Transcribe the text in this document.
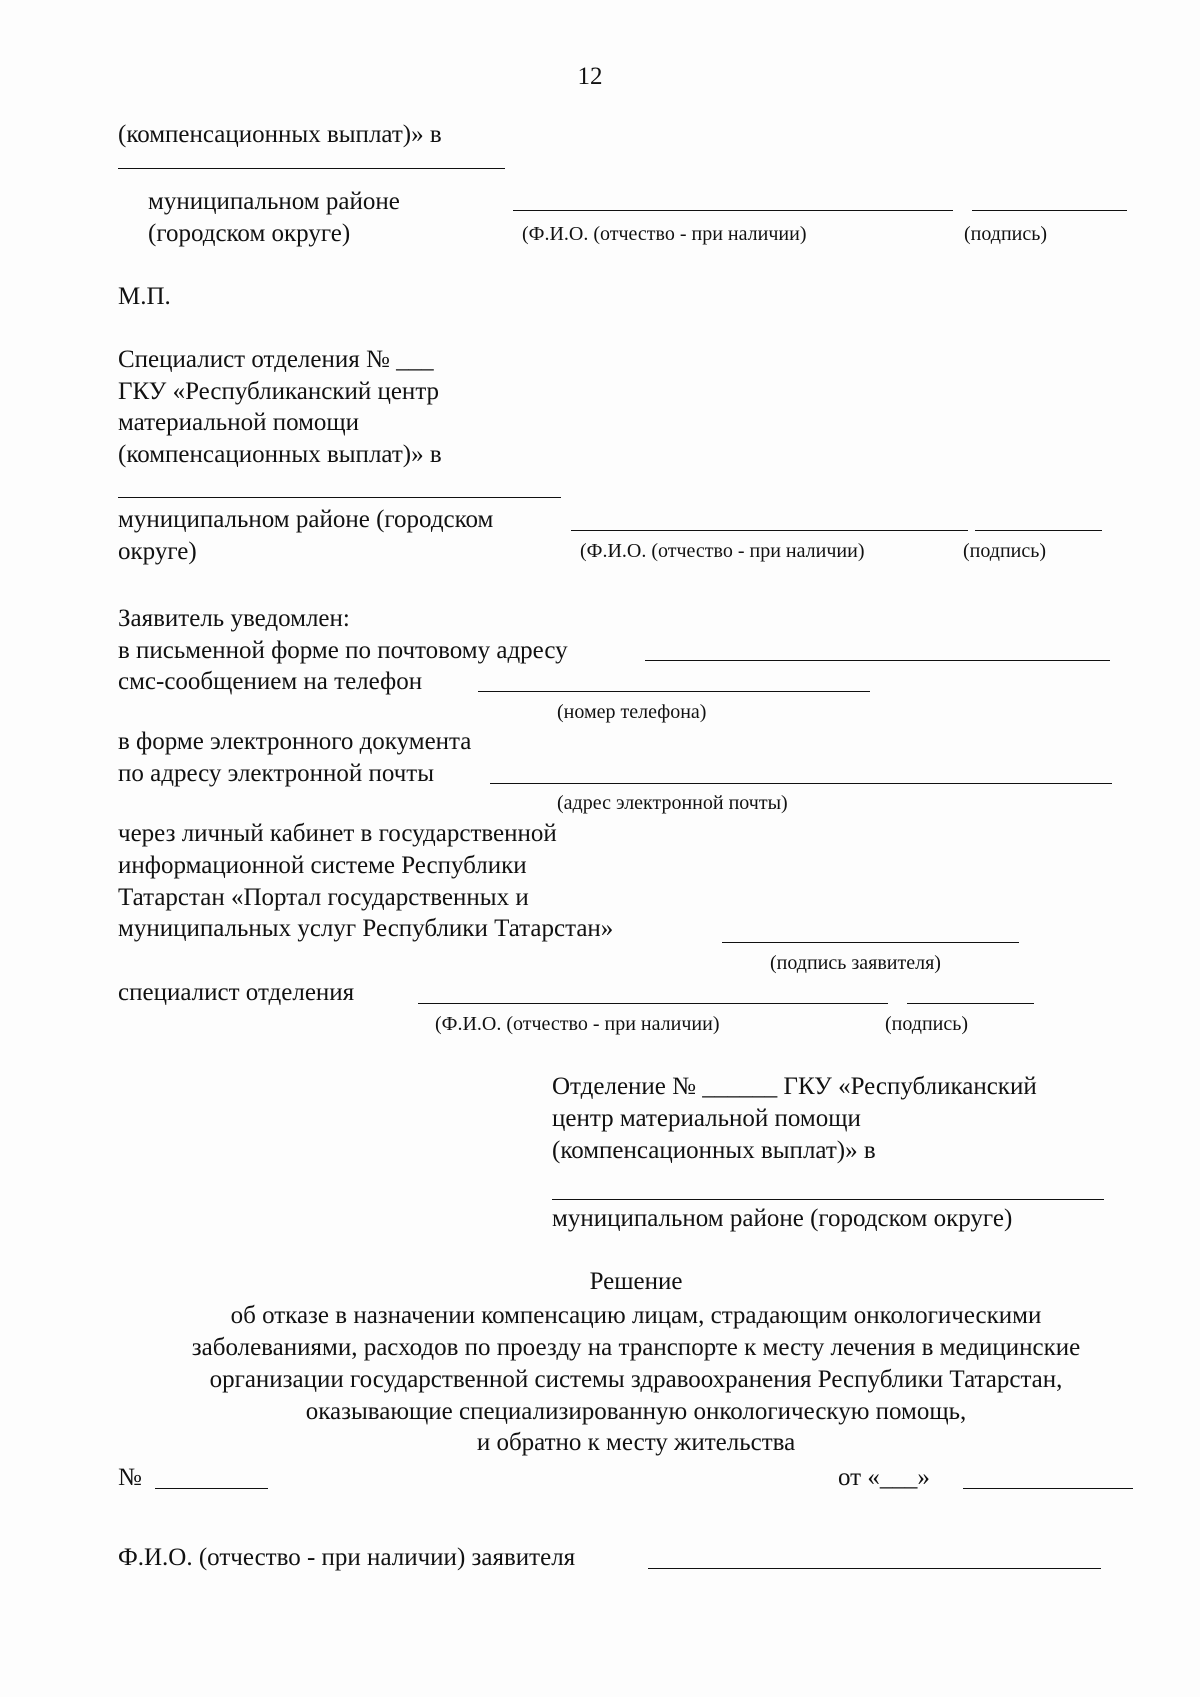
12
(компенсационных выплат)» в
муниципальном районе
(городском округе)	(Ф.И.О. (отчество - при наличии)	(подпись)
М.П.
Специалист отделения № ___
ГКУ «Республиканский центр
материальной помощи
(компенсационных выплат)» в
муниципальном районе (городском
округе)	(Ф.И.О. (отчество - при наличии)	(подпись)
Заявитель уведомлен:
в письменной форме по почтовому адресу
смс-сообщением на телефон
(номер телефона)
в форме электронного документа
по адресу электронной почты
(адрес электронной почты)
через личный кабинет в государственной
информационной системе Республики
Татарстан «Портал государственных и
муниципальных услуг Республики Татарстан»
(подпись заявителя)
специалист отделения
(Ф.И.О. (отчество - при наличии)	(подпись)
Отделение № ______ ГКУ «Республиканский
центр материальной помощи
(компенсационных выплат)» в
муниципальном районе (городском округе)
Решение
об отказе в назначении компенсацию лицам, страдающим онкологическими
заболеваниями, расходов по проезду на транспорте к месту лечения в медицинские
организации государственной системы здравоохранения Республики Татарстан,
оказывающие специализированную онкологическую помощь,
и обратно к месту жительства
№	от «___»
Ф.И.О. (отчество - при наличии) заявителя
